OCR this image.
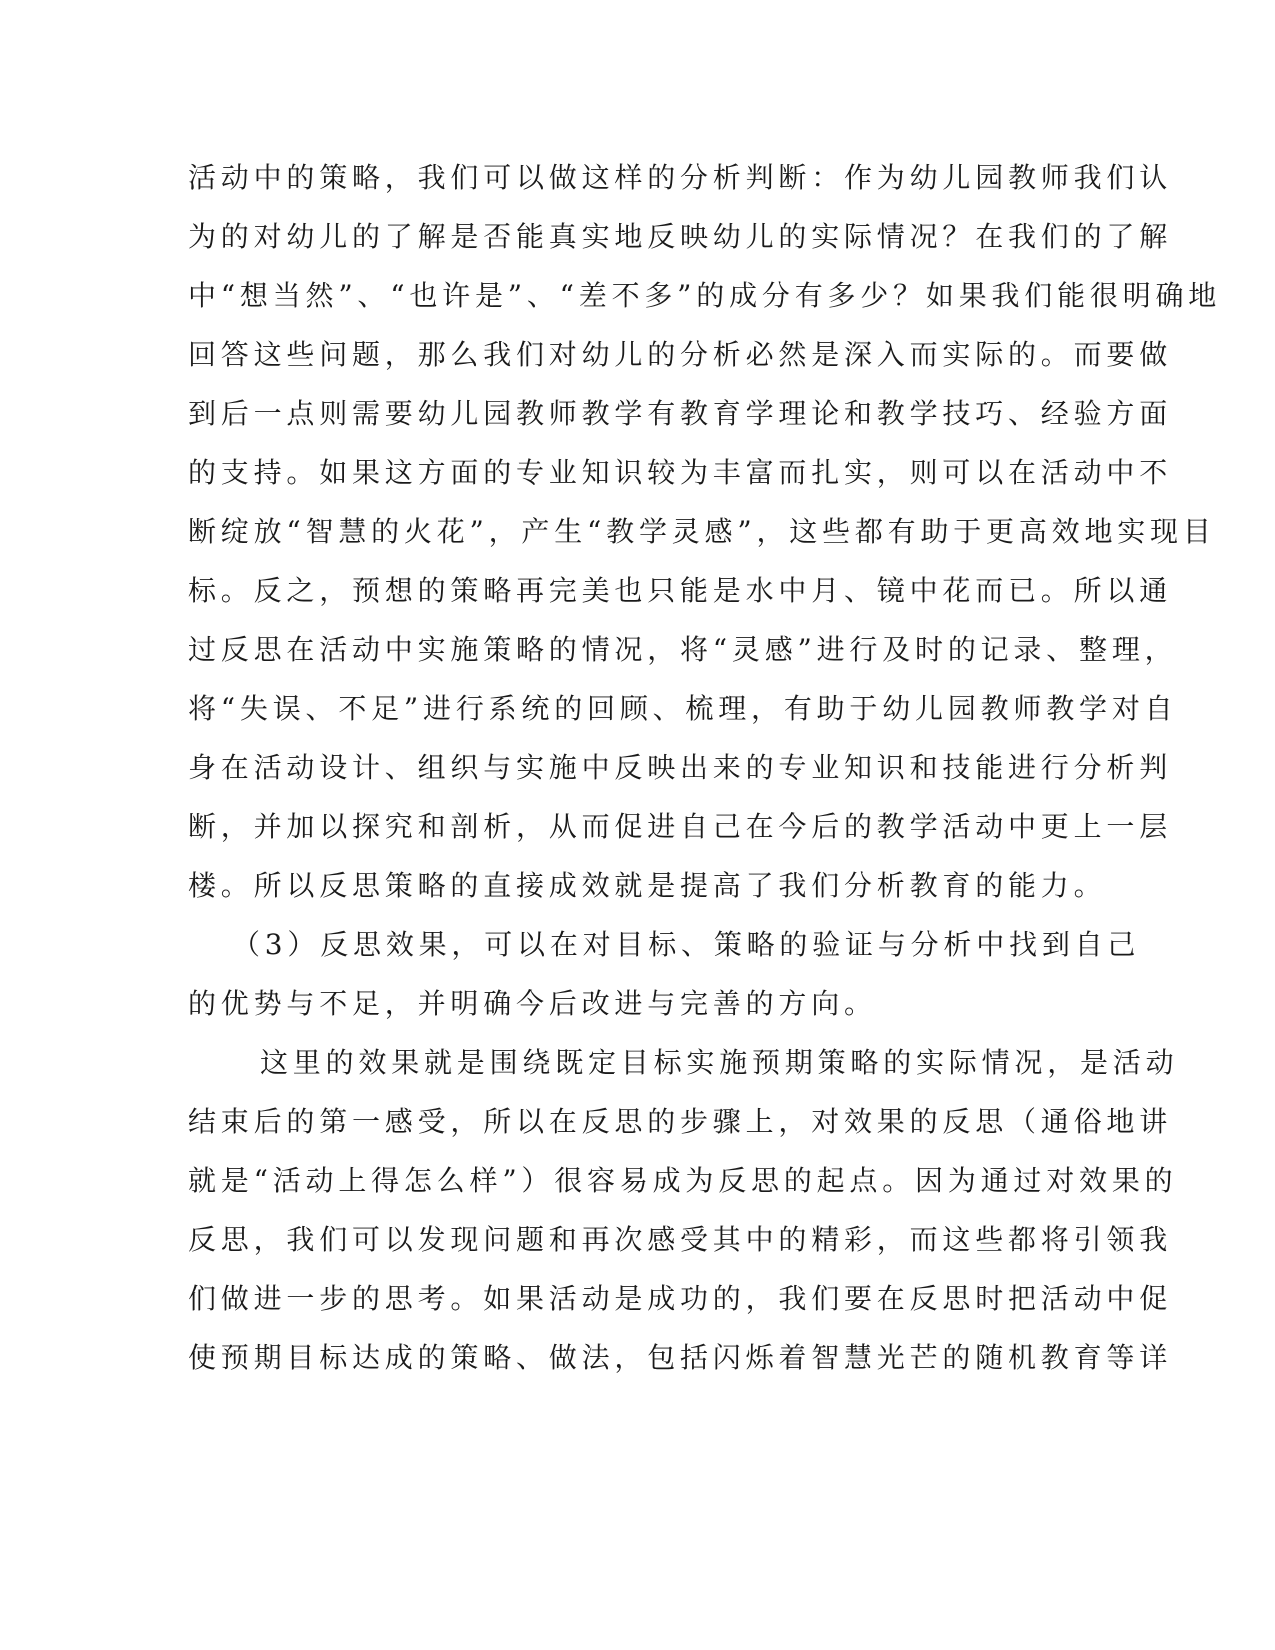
活动中的策略，我们可以做这样的分析判断：作为幼儿园教师我们认
为的对幼儿的了解是否能真实地反映幼儿的实际情况？在我们的了解
中“想当然”、“也许是”、“差不多”的成分有多少？如果我们能很明确地
回答这些问题，那么我们对幼儿的分析必然是深入而实际的。而要做
到后一点则需要幼儿园教师教学有教育学理论和教学技巧、经验方面
的支持。如果这方面的专业知识较为丰富而扎实，则可以在活动中不
断绽放“智慧的火花”，产生“教学灵感”，这些都有助于更高效地实现目
标。反之，预想的策略再完美也只能是水中月、镜中花而已。所以通
过反思在活动中实施策略的情况，将“灵感”进行及时的记录、整理，
将“失误、不足”进行系统的回顾、梳理，有助于幼儿园教师教学对自
身在活动设计、组织与实施中反映出来的专业知识和技能进行分析判
断，并加以探究和剖析，从而促进自己在今后的教学活动中更上一层
楼。所以反思策略的直接成效就是提高了我们分析教育的能力。
（3）反思效果，可以在对目标、策略的验证与分析中找到自己
的优势与不足，并明确今后改进与完善的方向。
这里的效果就是围绕既定目标实施预期策略的实际情况，是活动
结束后的第一感受，所以在反思的步骤上，对效果的反思（通俗地讲
就是“活动上得怎么样”）很容易成为反思的起点。因为通过对效果的
反思，我们可以发现问题和再次感受其中的精彩，而这些都将引领我
们做进一步的思考。如果活动是成功的，我们要在反思时把活动中促
使预期目标达成的策略、做法，包括闪烁着智慧光芒的随机教育等详
